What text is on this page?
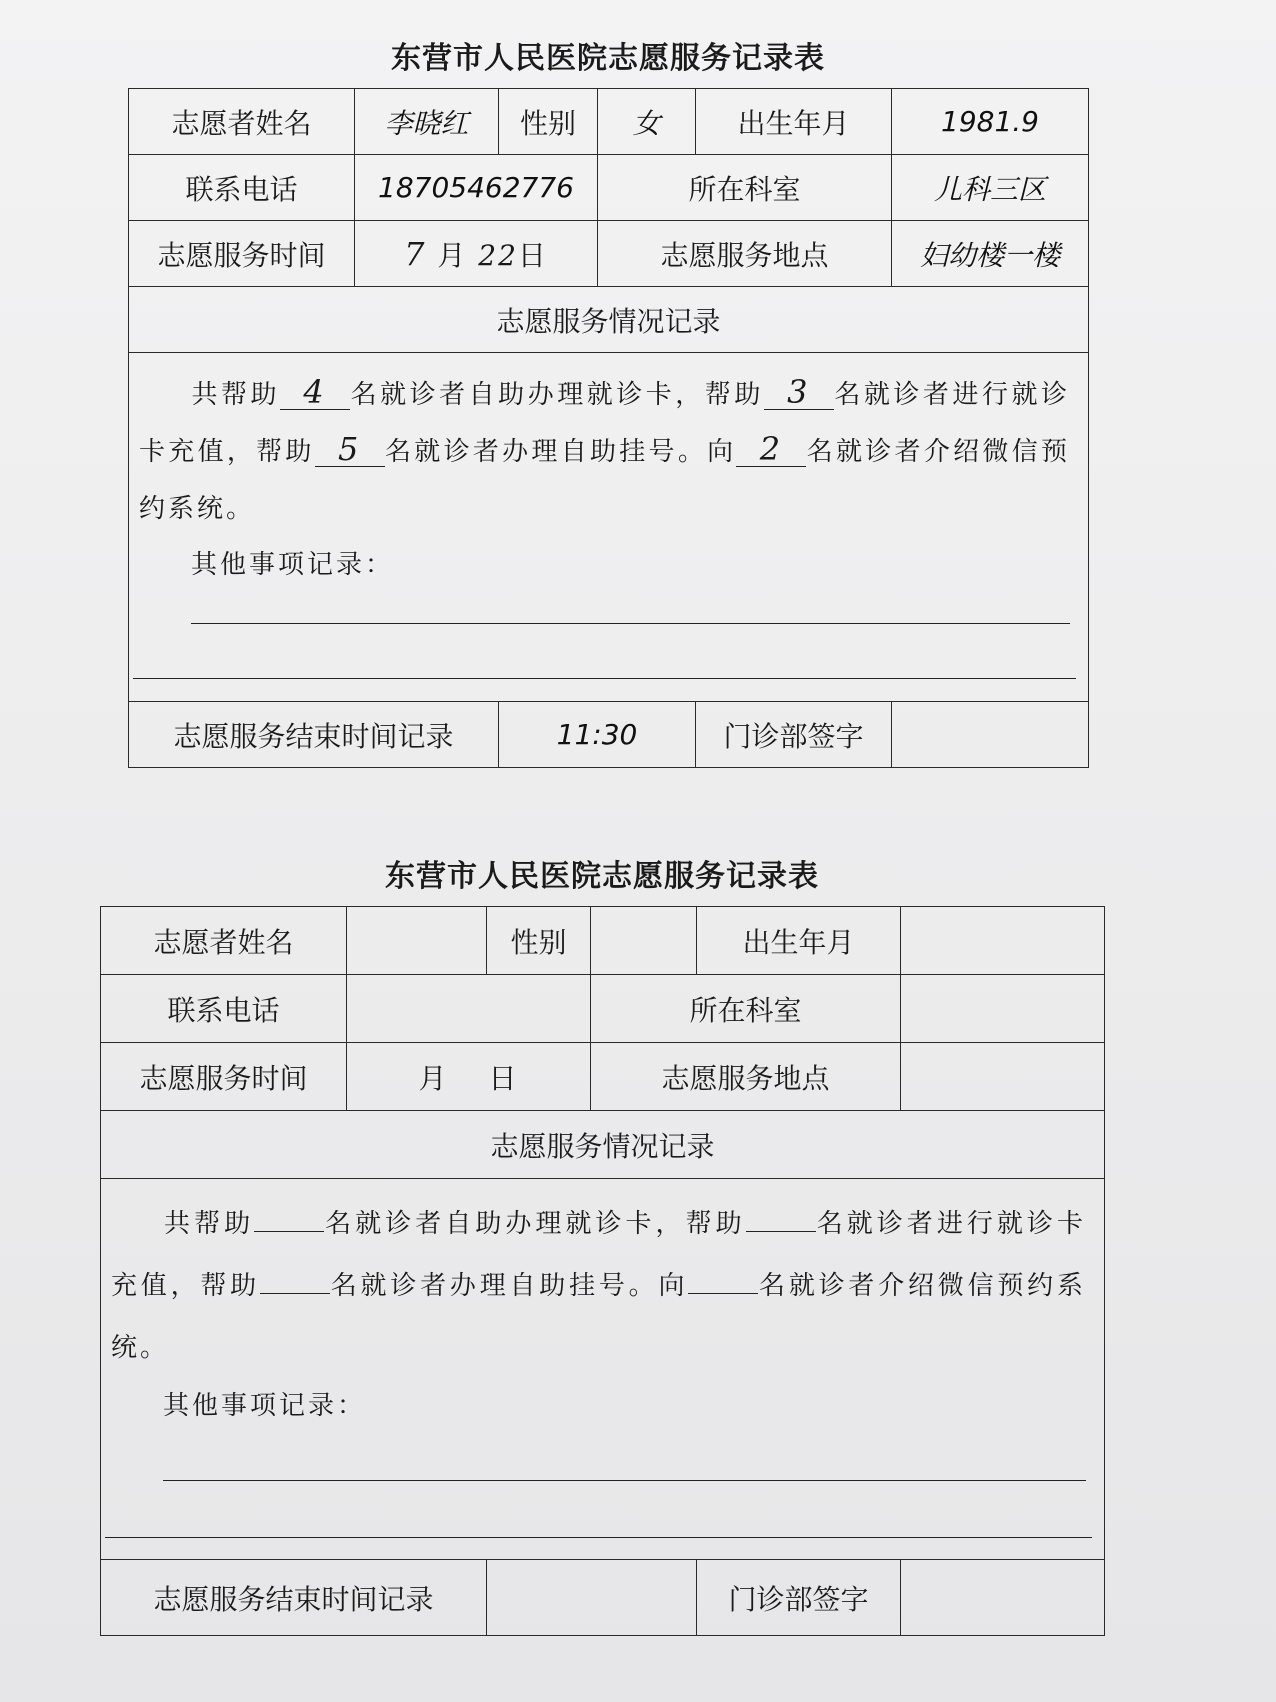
东营市人民医院志愿服务记录表
志愿者姓名	李晓红	性别	女	出生年月	1981.9
联系电话	18705462776		所在科室		儿科三区
志愿服务时间	7 月 22日		志愿服务地点		妇幼楼一楼
志愿服务情况记录					

共帮助 4 名就诊者自助办理就诊卡，帮助 3 名就诊者进行就诊卡充值，帮助 5 名就诊者办理自助挂号。向 2 名就诊者介绍微信预约系统。
其他事项记录：					

志愿服务结束时间记录		11:30		门诊部签字	
东营市人民医院志愿服务记录表
志愿者姓名		性别		出生年月	
联系电话			所在科室		
志愿服务时间	月 日		志愿服务地点		
志愿服务情况记录					

共帮助 名就诊者自助办理就诊卡，帮助 名就诊者进行就诊卡充值，帮助 名就诊者办理自助挂号。向 名就诊者介绍微信预约系统。
其他事项记录：					

志愿服务结束时间记录				门诊部签字	
